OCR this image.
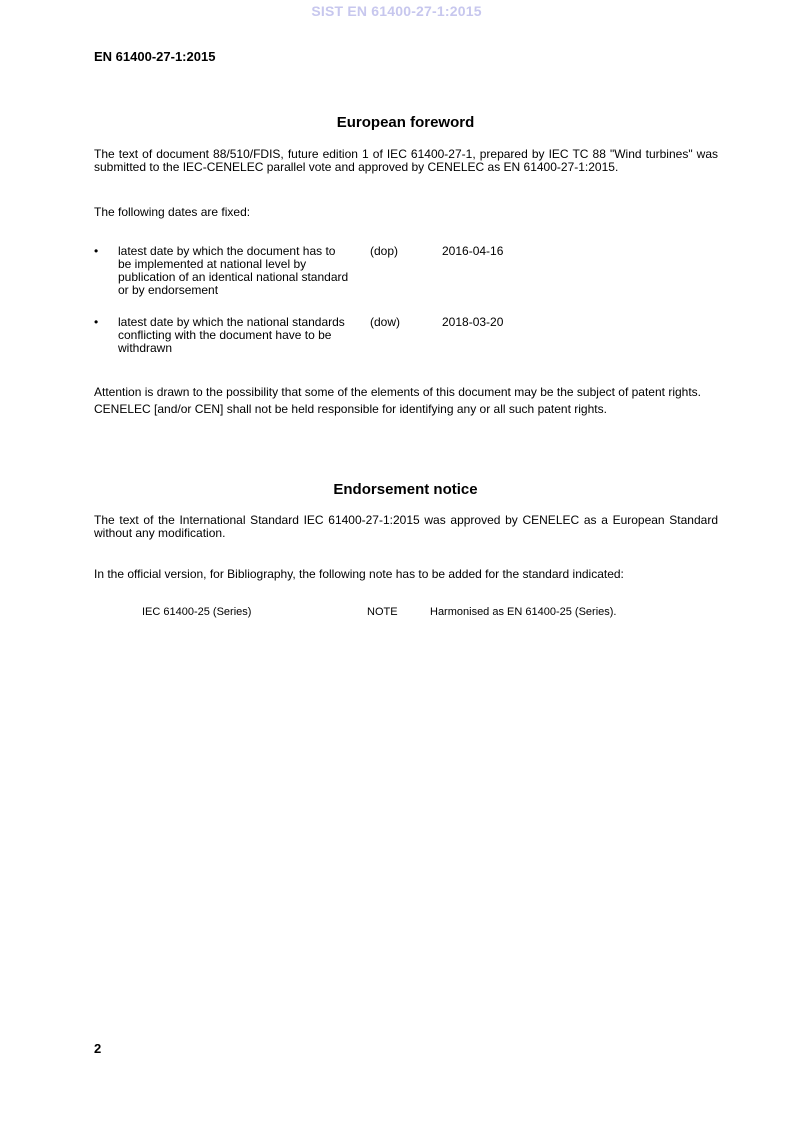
SIST EN 61400-27-1:2015
EN 61400-27-1:2015
European foreword
The text of document 88/510/FDIS, future edition 1 of IEC 61400-27-1, prepared by IEC TC 88 "Wind turbines" was submitted to the IEC-CENELEC parallel vote and approved by CENELEC as EN 61400-27-1:2015.
The following dates are fixed:
• latest date by which the document has to be implemented at national level by publication of an identical national standard or by endorsement
(dop)	2016-04-16
• latest date by which the national standards conflicting with the document have to be withdrawn
(dow)	2018-03-20
Attention is drawn to the possibility that some of the elements of this document may be the subject of patent rights. CENELEC [and/or CEN] shall not be held responsible for identifying any or all such patent rights.
Endorsement notice
The text of the International Standard IEC 61400-27-1:2015 was approved by CENELEC as a European Standard without any modification.
In the official version, for Bibliography, the following note has to be added for the standard indicated:
IEC 61400-25 (Series)	NOTE	Harmonised as EN 61400-25 (Series).
2
